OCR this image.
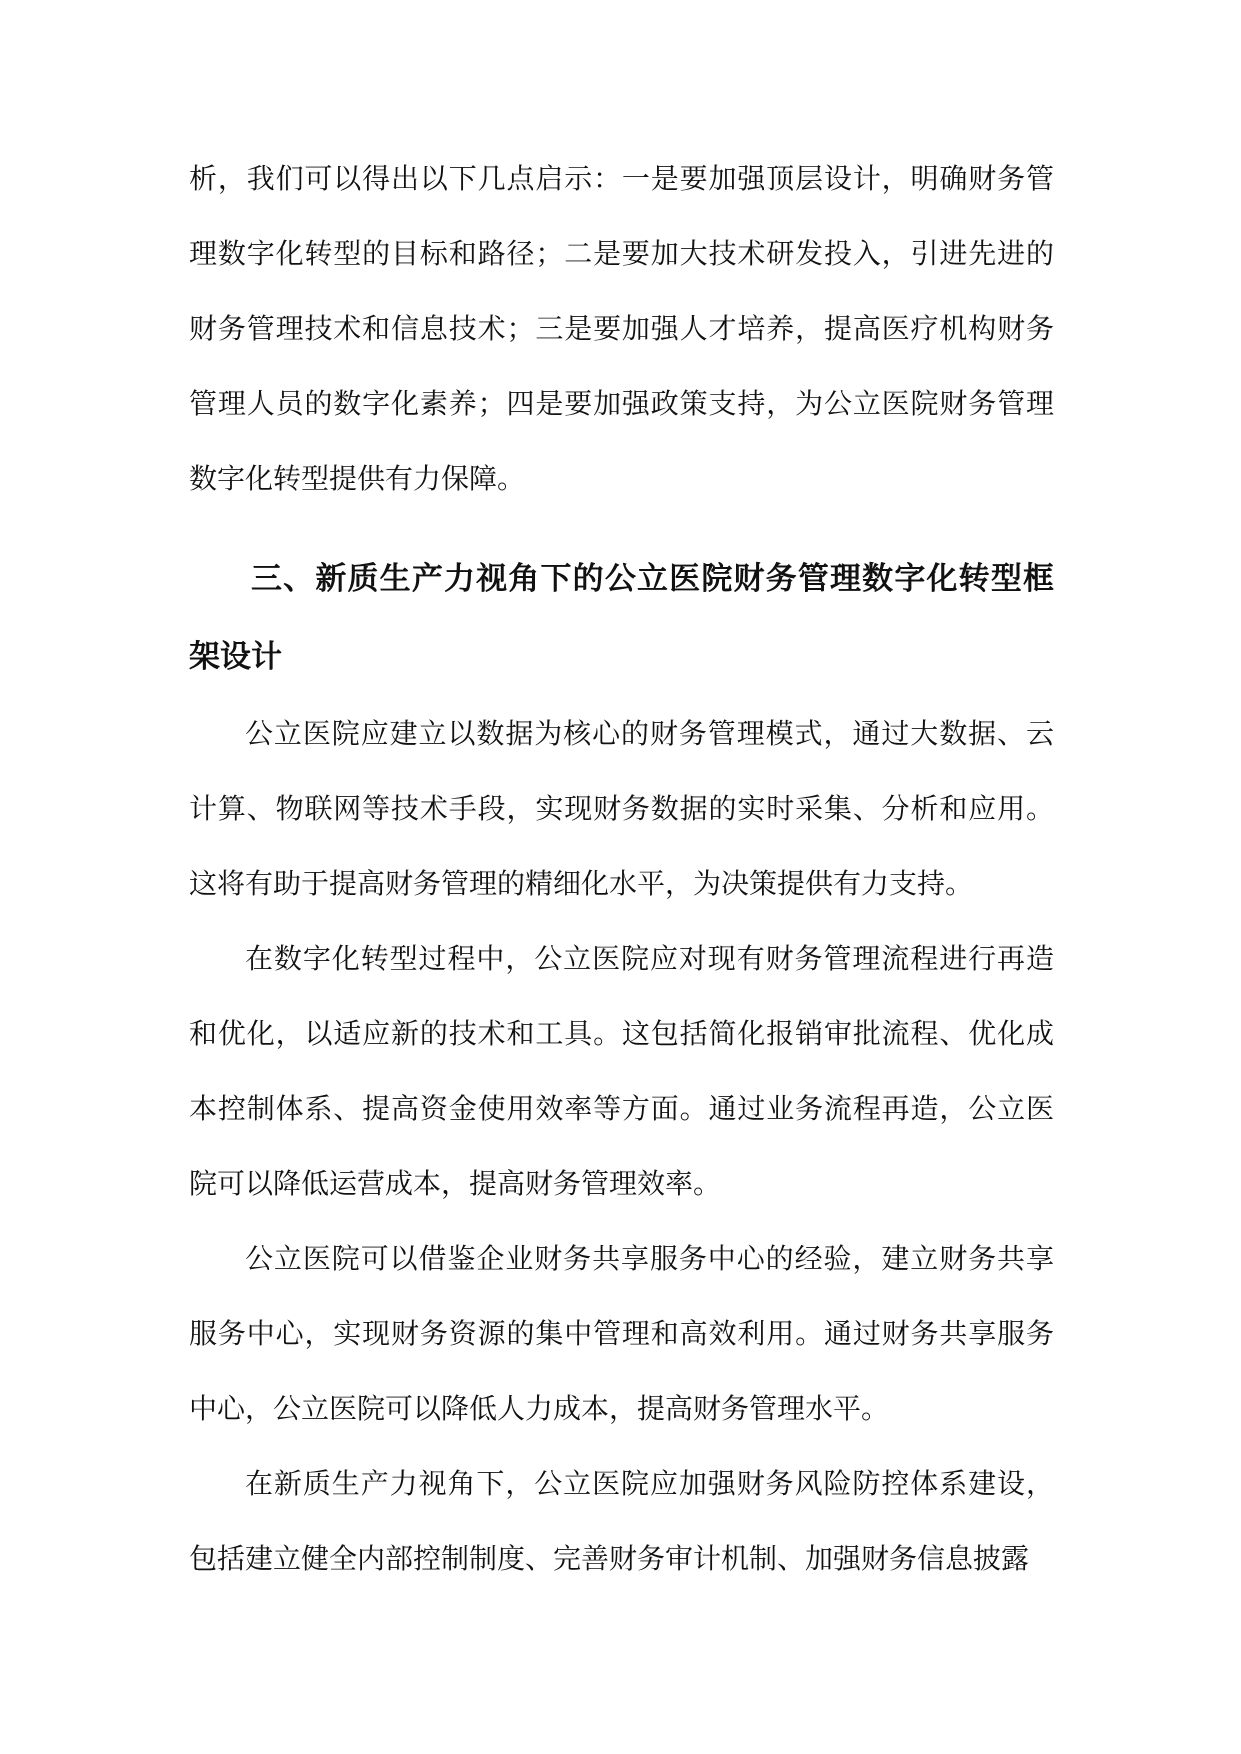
析，我们可以得出以下几点启示：一是要加强顶层设计，明确财务管理数字化转型的目标和路径；二是要加大技术研发投入，引进先进的财务管理技术和信息技术；三是要加强人才培养，提高医疗机构财务管理人员的数字化素养；四是要加强政策支持，为公立医院财务管理数字化转型提供有力保障。

三、新质生产力视角下的公立医院财务管理数字化转型框架设计

公立医院应建立以数据为核心的财务管理模式，通过大数据、云计算、物联网等技术手段，实现财务数据的实时采集、分析和应用。这将有助于提高财务管理的精细化水平，为决策提供有力支持。

在数字化转型过程中，公立医院应对现有财务管理流程进行再造和优化，以适应新的技术和工具。这包括简化报销审批流程、优化成本控制体系、提高资金使用效率等方面。通过业务流程再造，公立医院可以降低运营成本，提高财务管理效率。

公立医院可以借鉴企业财务共享服务中心的经验，建立财务共享服务中心，实现财务资源的集中管理和高效利用。通过财务共享服务中心，公立医院可以降低人力成本，提高财务管理水平。

在新质生产力视角下，公立医院应加强财务风险防控体系建设，包括建立健全内部控制制度、完善财务审计机制、加强财务信息披露
